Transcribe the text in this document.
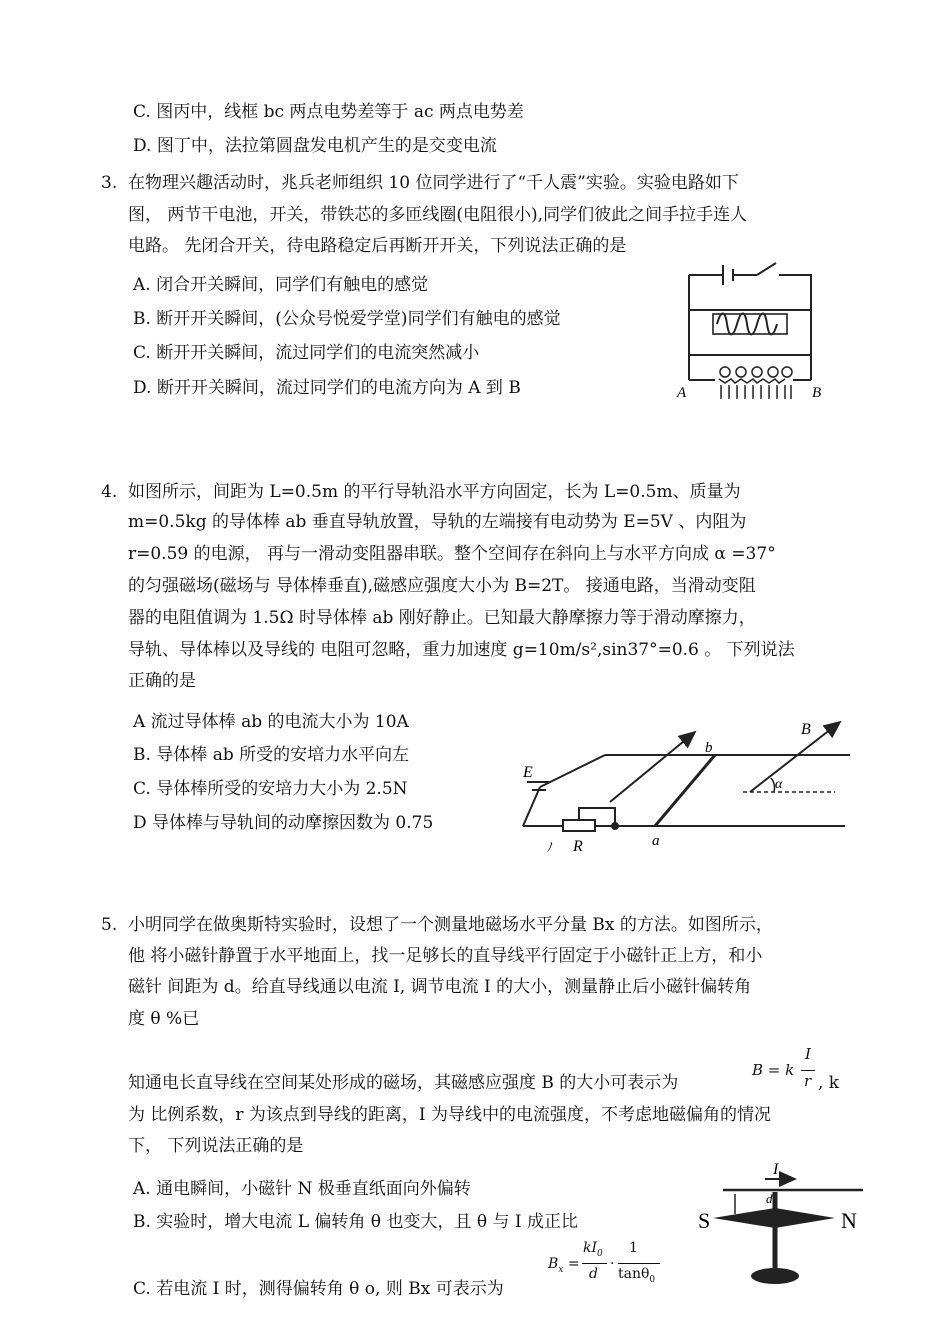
C. 图丙中，线框 bc 两点电势差等于 ac 两点电势差
D. 图丁中，法拉第圆盘发电机产生的是交变电流
3. 在物理兴趣活动时，兆兵老师组织 10 位同学进行了“千人震”实验。实验电路如下
图， 两节干电池，开关，带铁芯的多匝线圈(电阻很小),同学们彼此之间手拉手连人
电路。 先闭合开关，待电路稳定后再断开开关，下列说法正确的是
A. 闭合开关瞬间，同学们有触电的感觉
B. 断开开关瞬间，(公众号悦爱学堂)同学们有触电的感觉
C. 断开开关瞬间，流过同学们的电流突然减小
D. 断开开关瞬间，流过同学们的电流方向为 A 到 B	A	B
4. 如图所示，间距为 L=0.5m 的平行导轨沿水平方向固定，长为 L=0.5m、质量为
m=0.5kg 的导体棒 ab 垂直导轨放置，导轨的左端接有电动势为 E=5V 、内阻为
r=0.59 的电源， 再与一滑动变阻器串联。整个空间存在斜向上与水平方向成 α =37°
的匀强磁场(磁场与 导体棒垂直),磁感应强度大小为 B=2T。 接通电路，当滑动变阻
器的电阻值调为 1.5Ω 时导体棒 ab 刚好静止。已知最大静摩擦力等于滑动摩擦力，
导轨、导体棒以及导线的 电阻可忽略，重力加速度 g=10m/s²,sin37°=0.6 。 下列说法
正确的是
A 流过导体棒 ab 的电流大小为 10A
B. 导体棒 ab 所受的安培力水平向左
C. 导体棒所受的安培力大小为 2.5N
D 导体棒与导轨间的动摩擦因数为 0.75
E
R
ﾉ	a
b
B
α
5. 小明同学在做奥斯特实验时，设想了一个测量地磁场水平分量 Bx 的方法。如图所示，
他 将小磁针静置于水平地面上，找一足够长的直导线平行固定于小磁针正上方，和小
磁针 间距为 d。给直导线通以电流 I, 调节电流 I 的大小，测量静止后小磁针偏转角
度 θ %已
知通电长直导线在空间某处形成的磁场，其磁感应强度 B 的大小可表示为
B = k
I
r , k
为 比例系数，r 为该点到导线的距离，I 为导线中的电流强度，不考虑地磁偏角的情况
下， 下列说法正确的是
A. 通电瞬间，小磁针 N 极垂直纸面向外偏转
B. 实验时，增大电流 L 偏转角 θ 也变大，且 θ 与 I 成正比
C. 若电流 I 时，测得偏转角 θ o, 则 Bx 可表示为
$B_x$ =
$kI_0$
d
·
1
tanθ$_0$
I
d
S	N
